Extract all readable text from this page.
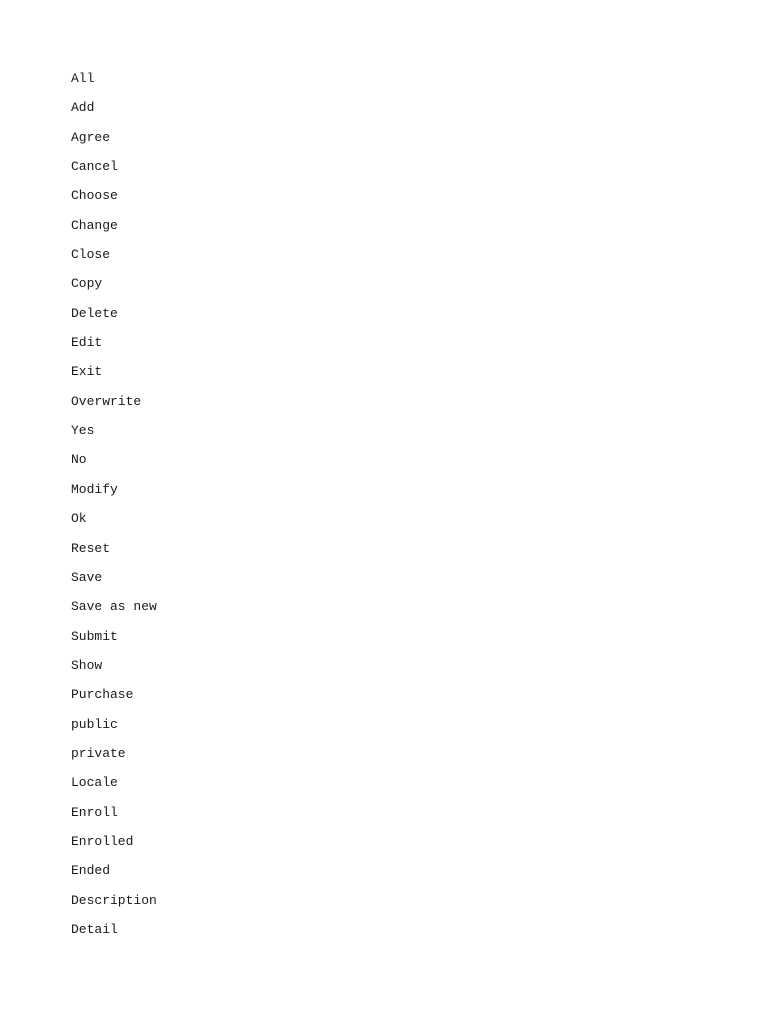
All
Add
Agree
Cancel
Choose
Change
Close
Copy
Delete
Edit
Exit
Overwrite
Yes
No
Modify
Ok
Reset
Save
Save as new
Submit
Show
Purchase
public
private
Locale
Enroll
Enrolled
Ended
Description
Detail
